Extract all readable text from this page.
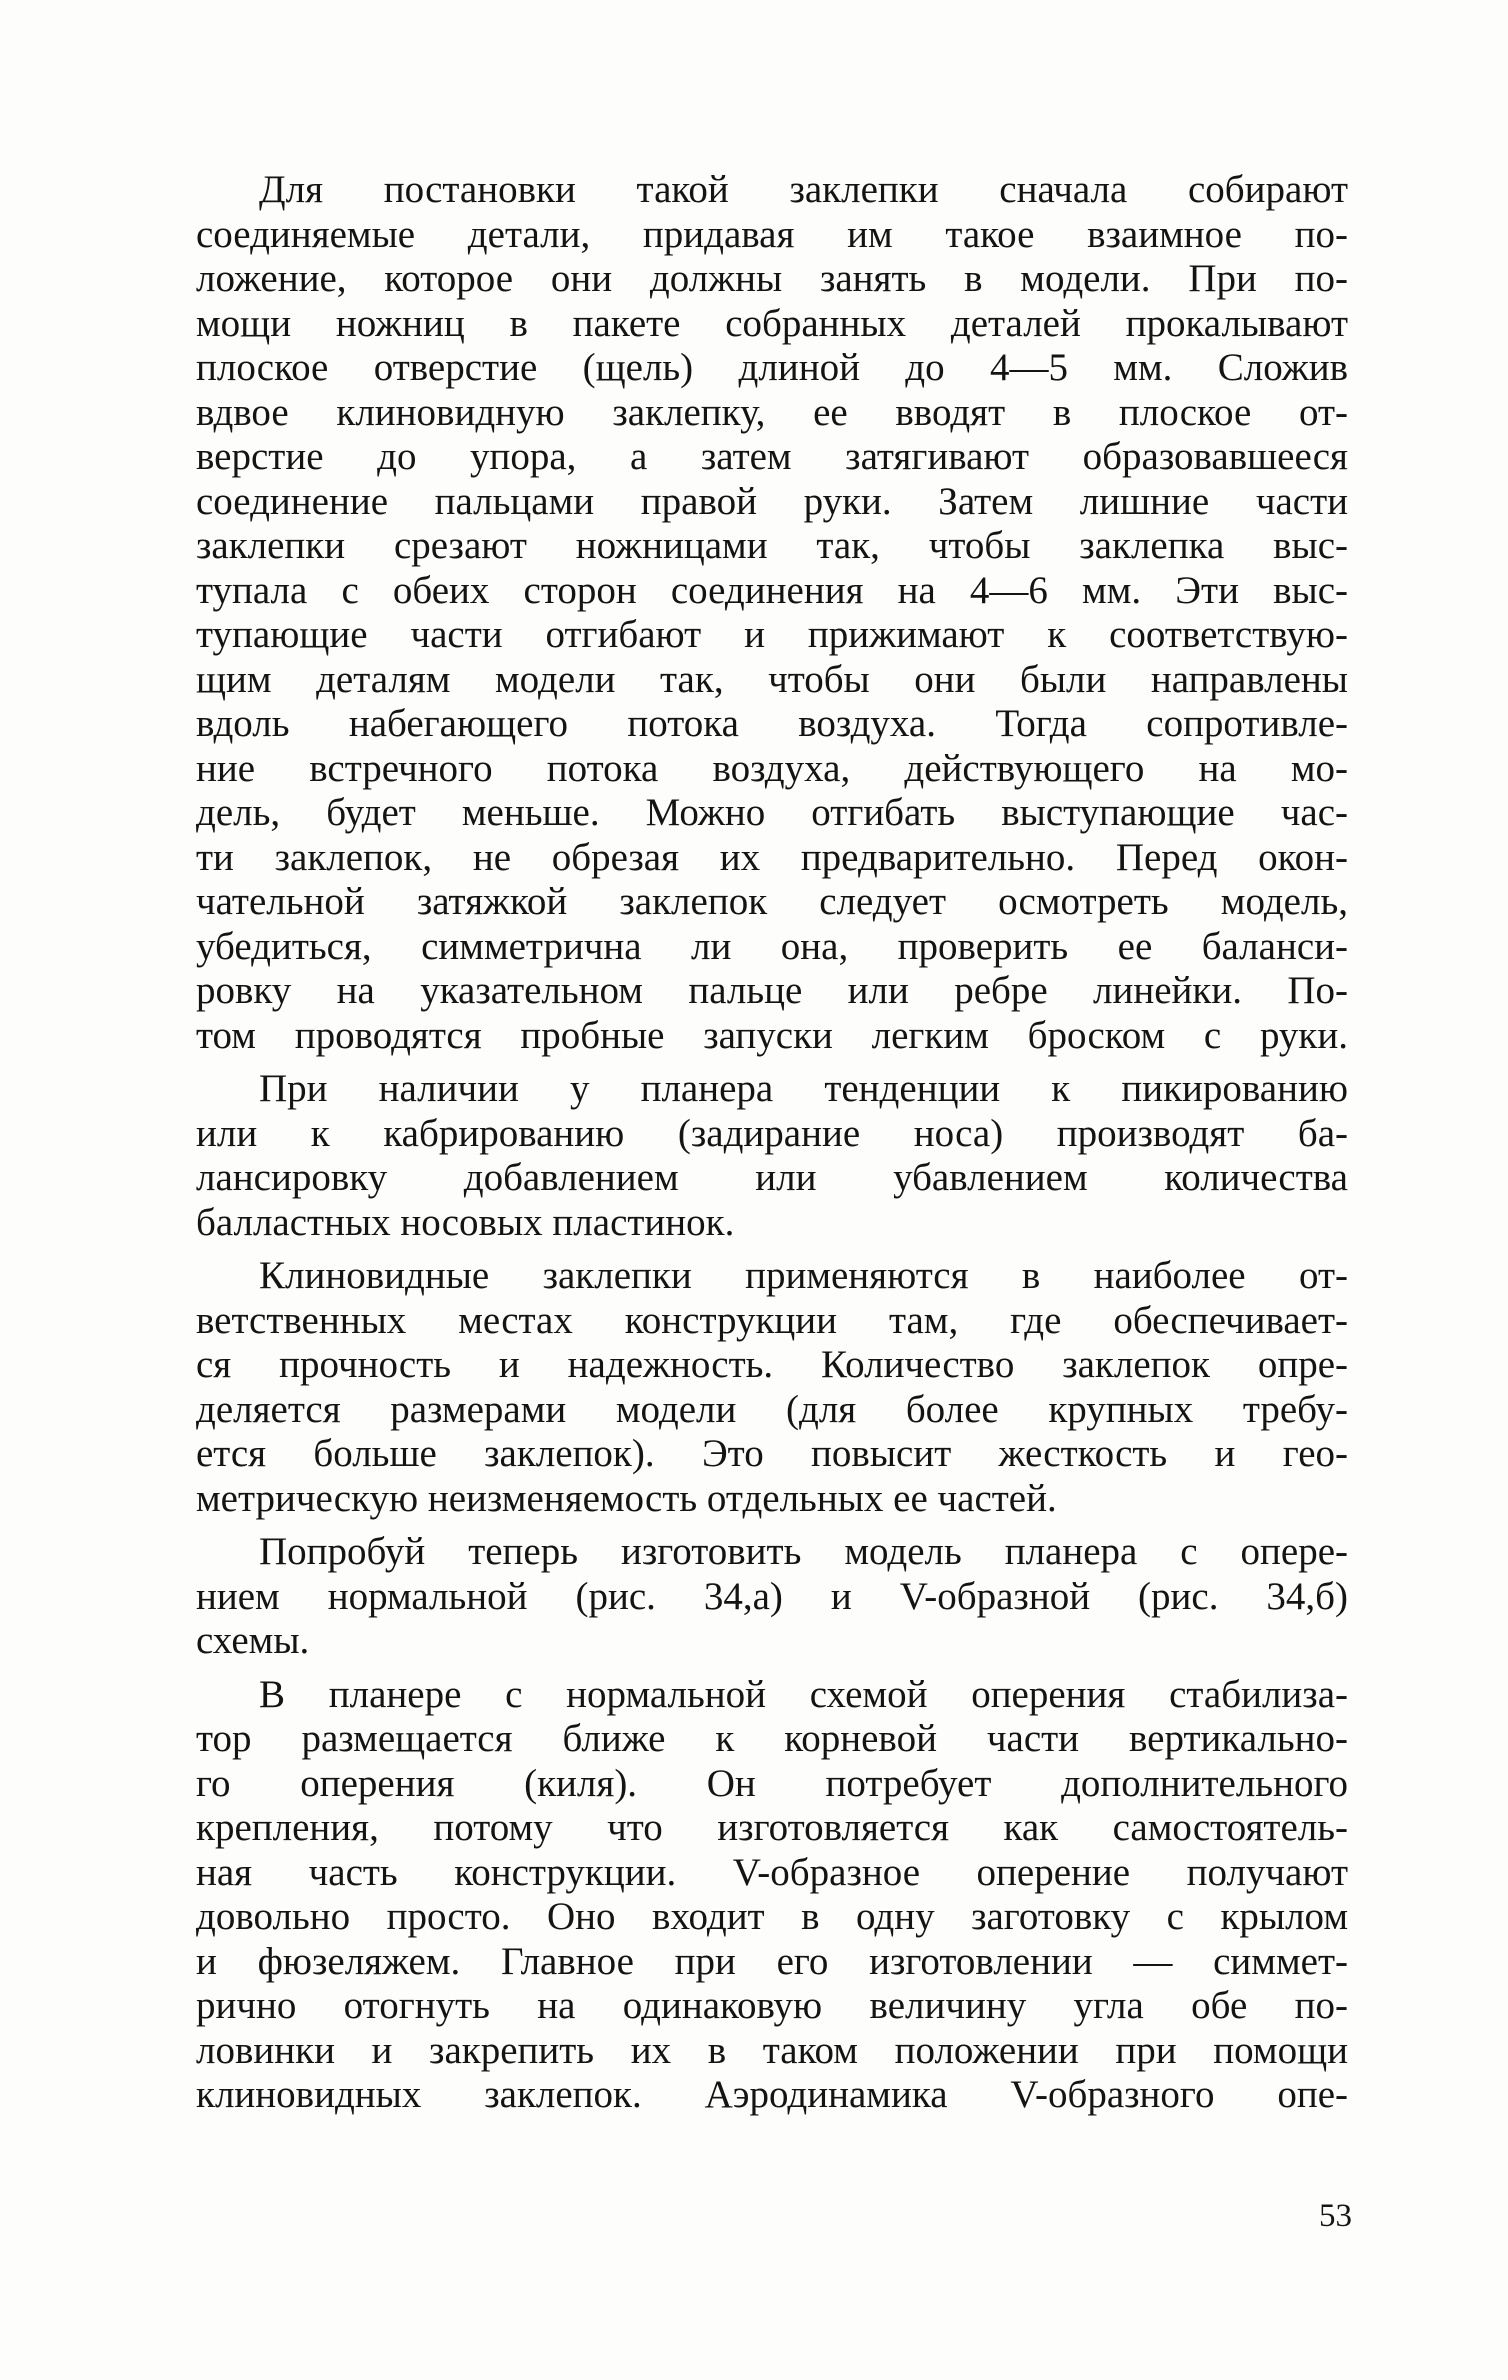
Для постановки такой заклепки сначала собирают
соединяемые детали, придавая им такое взаимное по-
ложение, которое они должны занять в модели. При по-
мощи ножниц в пакете собранных деталей прокалывают
плоское отверстие (щель) длиной до 4—5 мм. Сложив
вдвое клиновидную заклепку, ее вводят в плоское от-
верстие до упора, а затем затягивают образовавшееся
соединение пальцами правой руки. Затем лишние части
заклепки срезают ножницами так, чтобы заклепка выс-
тупала с обеих сторон соединения на 4—6 мм. Эти выс-
тупающие части отгибают и прижимают к соответствую-
щим деталям модели так, чтобы они были направлены
вдоль набегающего потока воздуха. Тогда сопротивле-
ние встречного потока воздуха, действующего на мо-
дель, будет меньше. Можно отгибать выступающие час-
ти заклепок, не обрезая их предварительно. Перед окон-
чательной затяжкой заклепок следует осмотреть модель,
убедиться, симметрична ли она, проверить ее баланси-
ровку на указательном пальце или ребре линейки. По-
том проводятся пробные запуски легким броском с руки.
При наличии у планера тенденции к пикированию
или к кабрированию (задирание носа) производят ба-
лансировку добавлением или убавлением количества
балластных носовых пластинок.
Клиновидные заклепки применяются в наиболее от-
ветственных местах конструкции там, где обеспечивает-
ся прочность и надежность. Количество заклепок опре-
деляется размерами модели (для более крупных требу-
ется больше заклепок). Это повысит жесткость и гео-
метрическую неизменяемость отдельных ее частей.
Попробуй теперь изготовить модель планера с опере-
нием нормальной (рис. 34,а) и V-образной (рис. 34,б)
схемы.
В планере с нормальной схемой оперения стабилиза-
тор размещается ближе к корневой части вертикально-
го оперения (киля). Он потребует дополнительного
крепления, потому что изготовляется как самостоятель-
ная часть конструкции. V-образное оперение получают
довольно просто. Оно входит в одну заготовку с крылом
и фюзеляжем. Главное при его изготовлении — симмет-
рично отогнуть на одинаковую величину угла обе по-
ловинки и закрепить их в таком положении при помощи
клиновидных заклепок. Аэродинамика V-образного опе-
53
